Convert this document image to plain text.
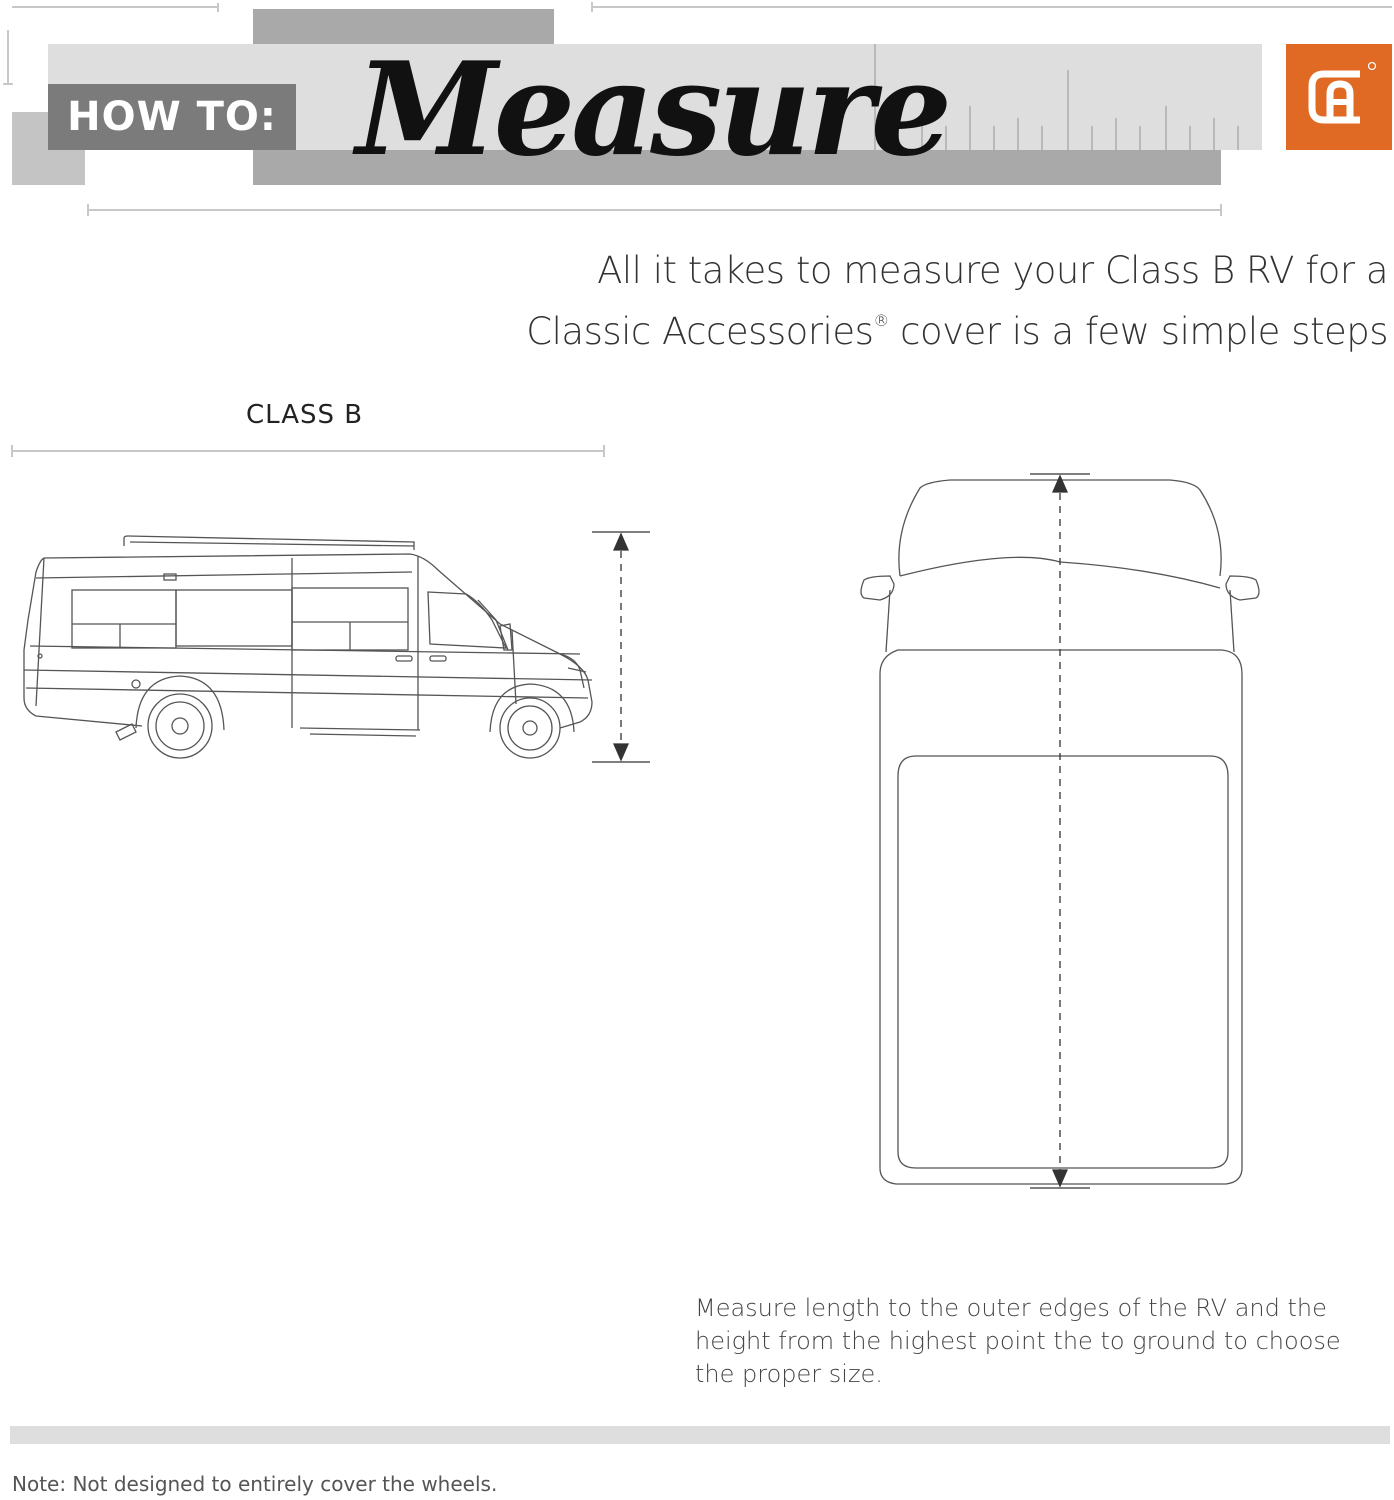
HOW TO: Measure
All it takes to measure your Class B RV for a
Classic Accessories® cover is a few simple steps
CLASS B
Measure length to the outer edges of the RV and the height from the highest point the to ground to choose the proper size.
Note: Not designed to entirely cover the wheels.
